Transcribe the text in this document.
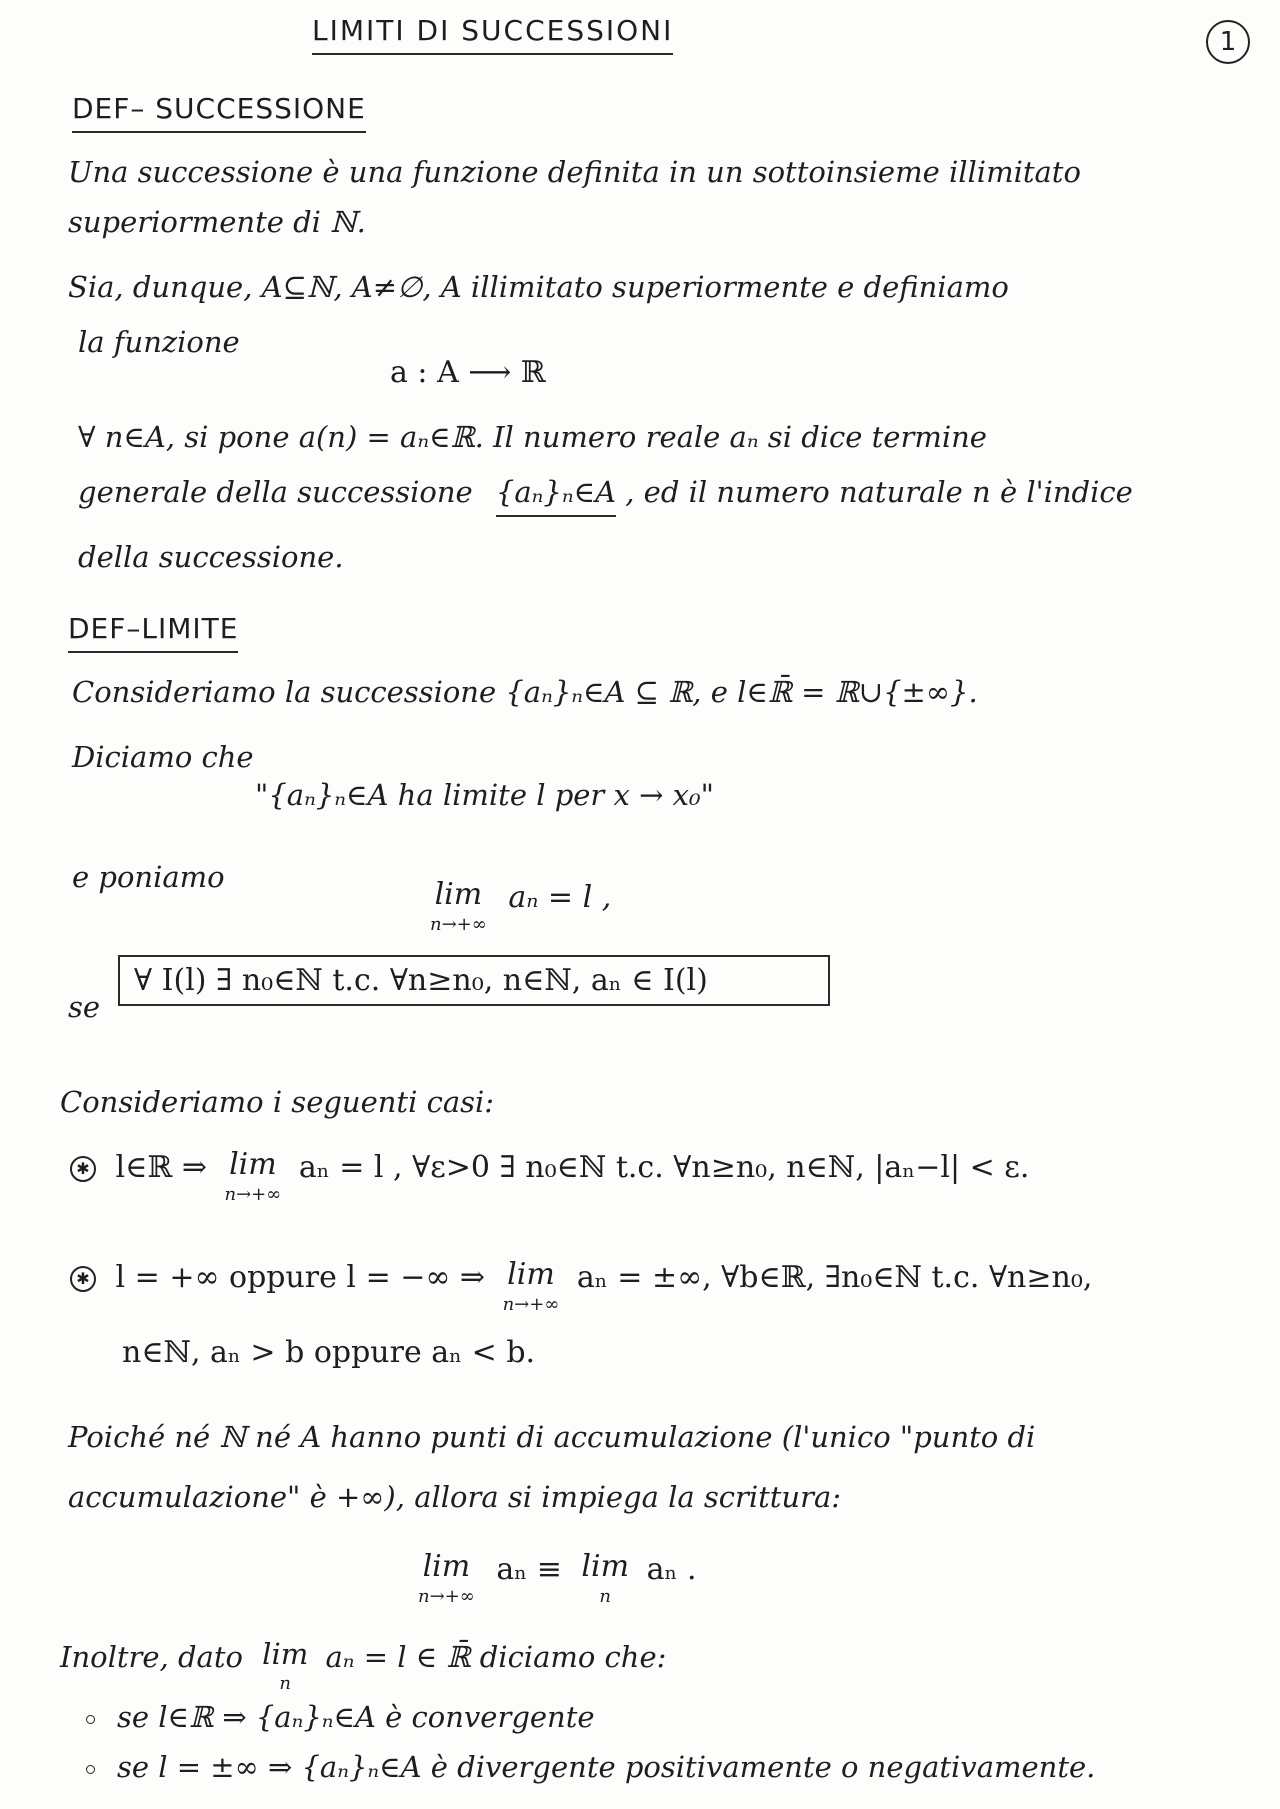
LIMITI DI SUCCESSIONI	1
DEF– SUCCESSIONE
Una successione è una funzione definita in un sottoinsieme illimitato
superiormente di ℕ.
Sia, dunque, A⊆ℕ, A≠∅, A illimitato superiormente e definiamo
la funzione
a : A ⟶ ℝ
∀ n∈A, si pone a(n) = aₙ∈ℝ. Il numero reale aₙ si dice termine
generale della successione {aₙ}ₙ∈A , ed il numero naturale n è l'indice
della successione.
DEF–LIMITE
Consideriamo la successione {aₙ}ₙ∈A ⊆ ℝ, e l∈ℝ̄ = ℝ∪{±∞}.
Diciamo che
"{aₙ}ₙ∈A ha limite l per x → x₀"
e poniamo	lim
n→+∞
aₙ = l ,
se
∀ I(l) ∃ n₀∈ℕ t.c. ∀n≥n₀, n∈ℕ, aₙ ∈ I(l)
Consideriamo i seguenti casi:
✱ l∈ℝ ⇒ lim
n→+∞
aₙ = l , ∀ε>0 ∃ n₀∈ℕ t.c. ∀n≥n₀, n∈ℕ, |aₙ−l| < ε.
✱ l = +∞ oppure l = −∞ ⇒ lim
n→+∞
aₙ = ±∞, ∀b∈ℝ, ∃n₀∈ℕ t.c. ∀n≥n₀,
n∈ℕ, aₙ > b oppure aₙ < b.
Poiché né ℕ né A hanno punti di accumulazione (l'unico "punto di
accumulazione" è +∞), allora si impiega la scrittura:
lim
n→+∞
aₙ ≡ lim
n
aₙ .
Inoltre, dato lim
n
aₙ = l ∈ ℝ̄ diciamo che:
se l∈ℝ ⇒ {aₙ}ₙ∈A è convergente
se l = ±∞ ⇒ {aₙ}ₙ∈A è divergente positivamente o negativamente.
